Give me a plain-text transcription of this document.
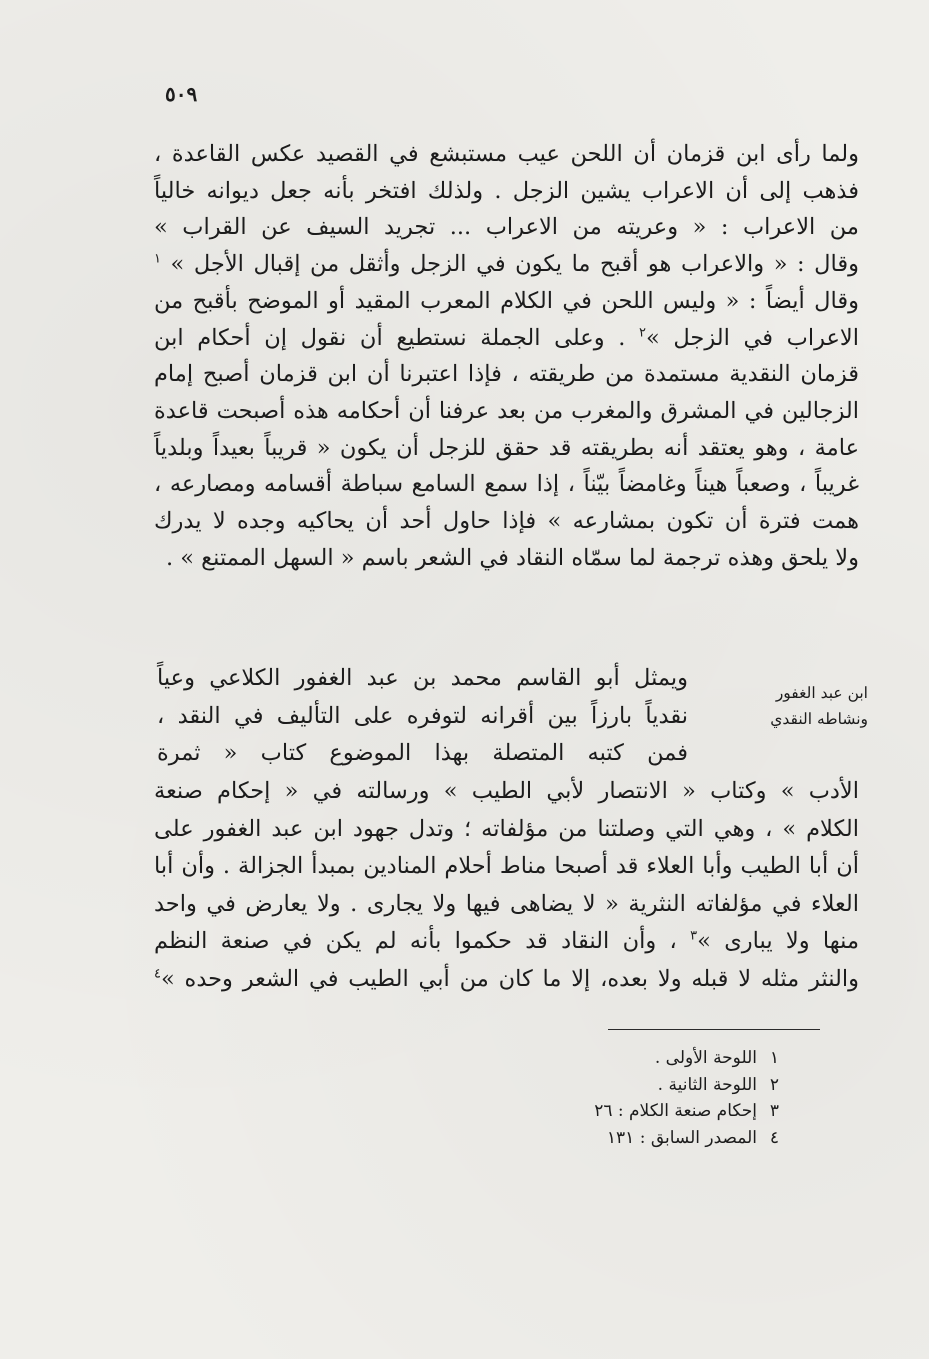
٥٠٩
ولما رأى ابن قزمان أن اللحن عيب مستبشع في القصيد عكس القاعدة ،
فذهب إلى أن الاعراب يشين الزجل . ولذلك افتخر بأنه جعل ديوانه خالياً
من الاعراب : « وعريته من الاعراب ... تجريد السيف عن القراب »
وقال : « والاعراب هو أقبح ما يكون في الزجل وأثقل من إقبال الأجل » $^١$
وقال أيضاً : « وليس اللحن في الكلام المعرب المقيد أو الموضح بأقبح من
الاعراب في الزجل »$^٢$ . وعلى الجملة نستطيع أن نقول إن أحكام ابن
قزمان النقدية مستمدة من طريقته ، فإذا اعتبرنا أن ابن قزمان أصبح إمام
الزجالين في المشرق والمغرب من بعد عرفنا أن أحكامه هذه أصبحت قاعدة
عامة ، وهو يعتقد أنه بطريقته قد حقق للزجل أن يكون « قريباً بعيداً وبلدياً
غريباً ، وصعباً هيناً وغامضاً بيّناً ، إذا سمع السامع سباطة أقسامه ومصارعه ،
همت فترة أن تكون بمشارعه » فإذا حاول أحد أن يحاكيه وجده لا يدرك
ولا يلحق وهذه ترجمة لما سمّاه النقاد في الشعر باسم « السهل الممتنع » .
ابن عبد الغفور
ونشاطه النقدي
ويمثل أبو القاسم محمد بن عبد الغفور الكلاعي وعياً
نقدياً بارزاً بين أقرانه لتوفره على التأليف في النقد ،
فمن كتبه المتصلة بهذا الموضوع كتاب « ثمرة
الأدب » وكتاب « الانتصار لأبي الطيب » ورسالته في « إحكام صنعة
الكلام » ، وهي التي وصلتنا من مؤلفاته ؛ وتدل جهود ابن عبد الغفور على
أن أبا الطيب وأبا العلاء قد أصبحا مناط أحلام المنادين بمبدأ الجزالة . وأن أبا
العلاء في مؤلفاته النثرية « لا يضاهى فيها ولا يجارى . ولا يعارض في واحد
منها ولا يبارى »$^٣$ ، وأن النقاد قد حكموا بأنه لم يكن في صنعة النظم
والنثر مثله لا قبله ولا بعده، إلا ما كان من أبي الطيب في الشعر وحده »$^٤$
١اللوحة الأولى .
٢اللوحة الثانية .
٣إحكام صنعة الكلام : ٢٦
٤المصدر السابق : ١٣١
